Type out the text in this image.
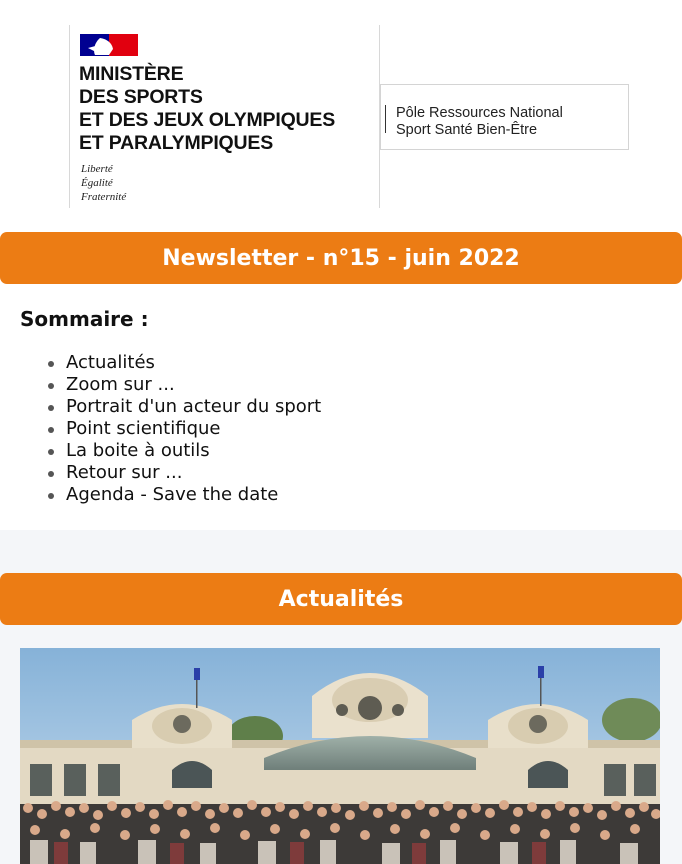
MINISTÈRE
DES SPORTS
ET DES JEUX OLYMPIQUES
ET PARALYMPIQUES
Liberté
Égalité
Fraternité
Pôle Ressources National
Sport Santé Bien-Être
Newsletter - n°15 - juin 2022
Sommaire :
Actualités
Zoom sur ...
Portrait d'un acteur du sport
Point scientifique
La boite à outils
Retour sur ...
Agenda - Save the date
Actualités
